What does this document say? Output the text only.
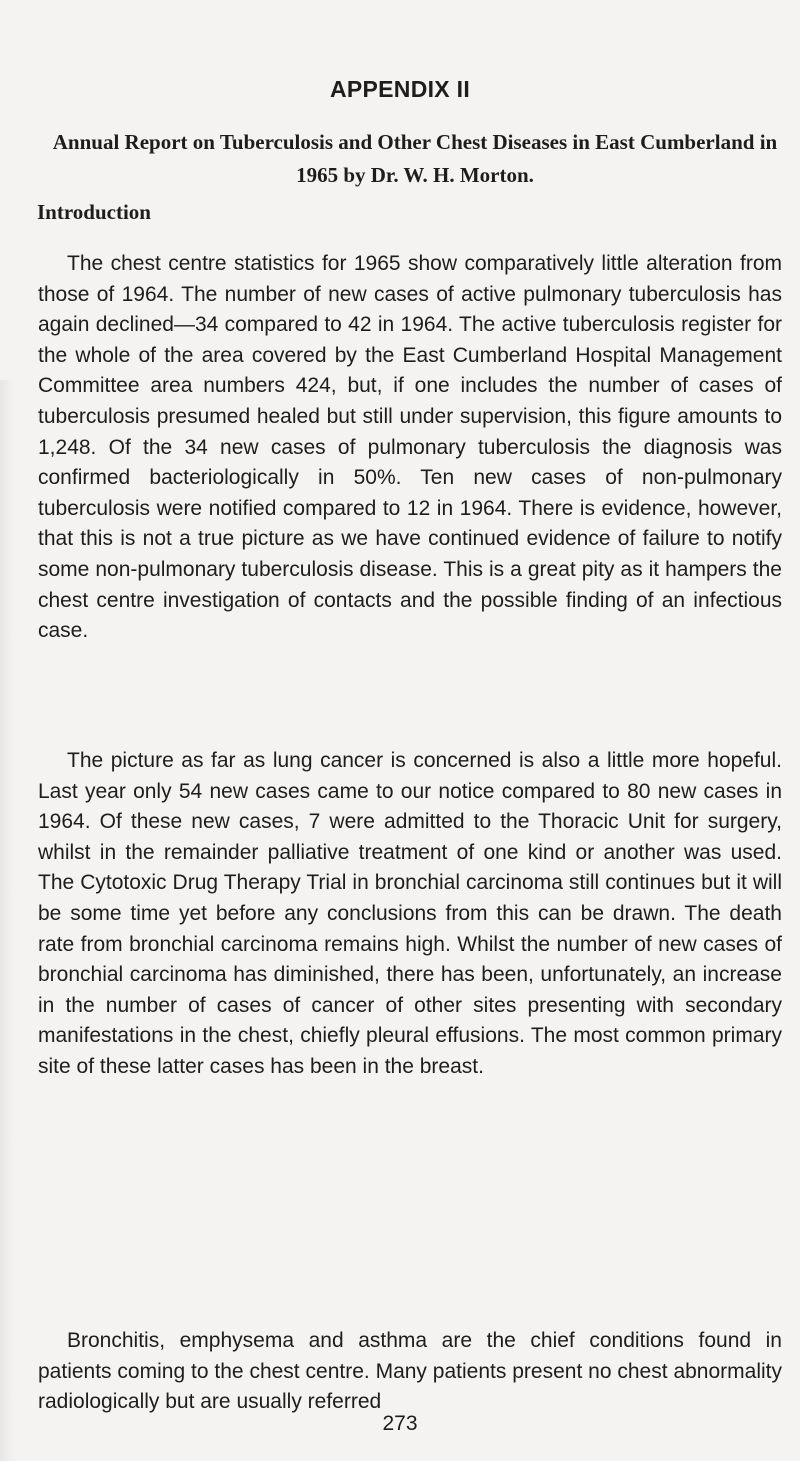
APPENDIX II
Annual Report on Tuberculosis and Other Chest Diseases in East Cumberland in 1965 by Dr. W. H. Morton.
Introduction

The chest centre statistics for 1965 show comparatively little alteration from those of 1964. The number of new cases of active pulmonary tuberculosis has again declined—34 compared to 42 in 1964. The active tuberculosis register for the whole of the area covered by the East Cumberland Hospital Management Committee area numbers 424, but, if one includes the number of cases of tuberculosis presumed healed but still under supervision, this figure amounts to 1,248. Of the 34 new cases of pulmonary tuberculosis the diagnosis was confirmed bacteriologically in 50%. Ten new cases of non-pulmonary tuberculosis were notified compared to 12 in 1964. There is evidence, however, that this is not a true picture as we have continued evidence of failure to notify some non-pulmonary tuberculosis disease. This is a great pity as it hampers the chest centre investigation of contacts and the possible finding of an infectious case.

The picture as far as lung cancer is concerned is also a little more hopeful. Last year only 54 new cases came to our notice compared to 80 new cases in 1964. Of these new cases, 7 were admitted to the Thoracic Unit for surgery, whilst in the remainder palliative treatment of one kind or another was used. The Cytotoxic Drug Therapy Trial in bronchial carcinoma still continues but it will be some time yet before any conclusions from this can be drawn. The death rate from bronchial carcinoma remains high. Whilst the number of new cases of bronchial carcinoma has diminished, there has been, unfortunately, an increase in the number of cases of cancer of other sites presenting with secondary manifestations in the chest, chiefly pleural effusions. The most common primary site of these latter cases has been in the breast.

Bronchitis, emphysema and asthma are the chief conditions found in patients coming to the chest centre. Many patients present no chest abnormality radiologically but are usually referred

273
